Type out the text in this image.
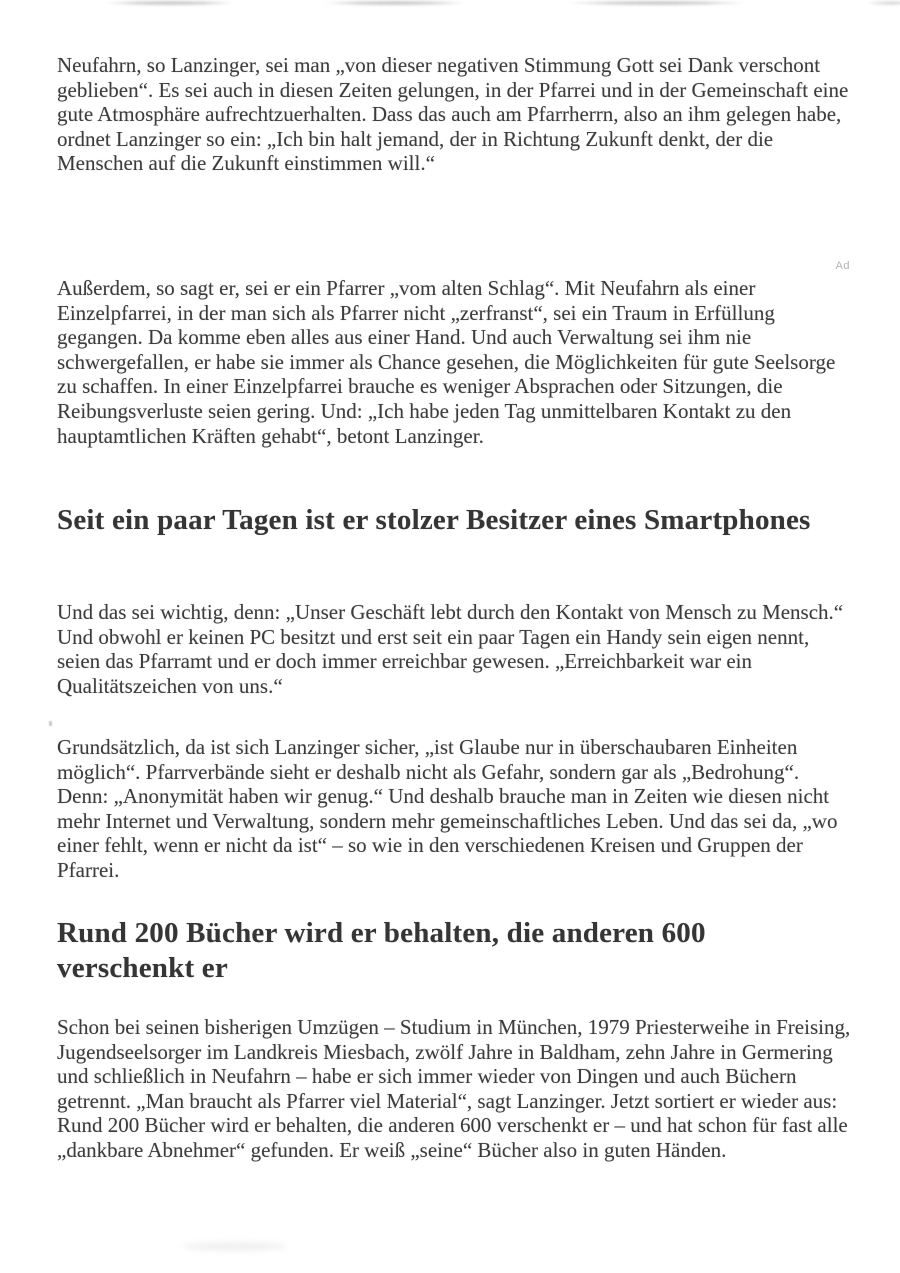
Neufahrn, so Lanzinger, sei man „von dieser negativen Stimmung Gott sei Dank verschont geblieben“. Es sei auch in diesen Zeiten gelungen, in der Pfarrei und in der Gemeinschaft eine gute Atmosphäre aufrechtzuerhalten. Dass das auch am Pfarrherrn, also an ihm gelegen habe, ordnet Lanzinger so ein: „Ich bin halt jemand, der in Richtung Zukunft denkt, der die Menschen auf die Zukunft einstimmen will.“

Ad

Außerdem, so sagt er, sei er ein Pfarrer „vom alten Schlag“. Mit Neufahrn als einer Einzelpfarrei, in der man sich als Pfarrer nicht „zerfranst“, sei ein Traum in Erfüllung gegangen. Da komme eben alles aus einer Hand. Und auch Verwaltung sei ihm nie schwergefallen, er habe sie immer als Chance gesehen, die Möglichkeiten für gute Seelsorge zu schaffen. In einer Einzelpfarrei brauche es weniger Absprachen oder Sitzungen, die Reibungsverluste seien gering. Und: „Ich habe jeden Tag unmittelbaren Kontakt zu den hauptamtlichen Kräften gehabt“, betont Lanzinger.

Seit ein paar Tagen ist er stolzer Besitzer eines Smartphones

Und das sei wichtig, denn: „Unser Geschäft lebt durch den Kontakt von Mensch zu Mensch.“ Und obwohl er keinen PC besitzt und erst seit ein paar Tagen ein Handy sein eigen nennt, seien das Pfarramt und er doch immer erreichbar gewesen. „Erreichbarkeit war ein Qualitätszeichen von uns.“

Grundsätzlich, da ist sich Lanzinger sicher, „ist Glaube nur in überschaubaren Einheiten möglich“. Pfarrverbände sieht er deshalb nicht als Gefahr, sondern gar als „Bedrohung“. Denn: „Anonymität haben wir genug.“ Und deshalb brauche man in Zeiten wie diesen nicht mehr Internet und Verwaltung, sondern mehr gemeinschaftliches Leben. Und das sei da, „wo einer fehlt, wenn er nicht da ist“ – so wie in den verschiedenen Kreisen und Gruppen der Pfarrei.

Rund 200 Bücher wird er behalten, die anderen 600 verschenkt er

Schon bei seinen bisherigen Umzügen – Studium in München, 1979 Priesterweihe in Freising, Jugendseelsorger im Landkreis Miesbach, zwölf Jahre in Baldham, zehn Jahre in Germering und schließlich in Neufahrn – habe er sich immer wieder von Dingen und auch Büchern getrennt. „Man braucht als Pfarrer viel Material“, sagt Lanzinger. Jetzt sortiert er wieder aus: Rund 200 Bücher wird er behalten, die anderen 600 verschenkt er – und hat schon für fast alle „dankbare Abnehmer“ gefunden. Er weiß „seine“ Bücher also in guten Händen.
